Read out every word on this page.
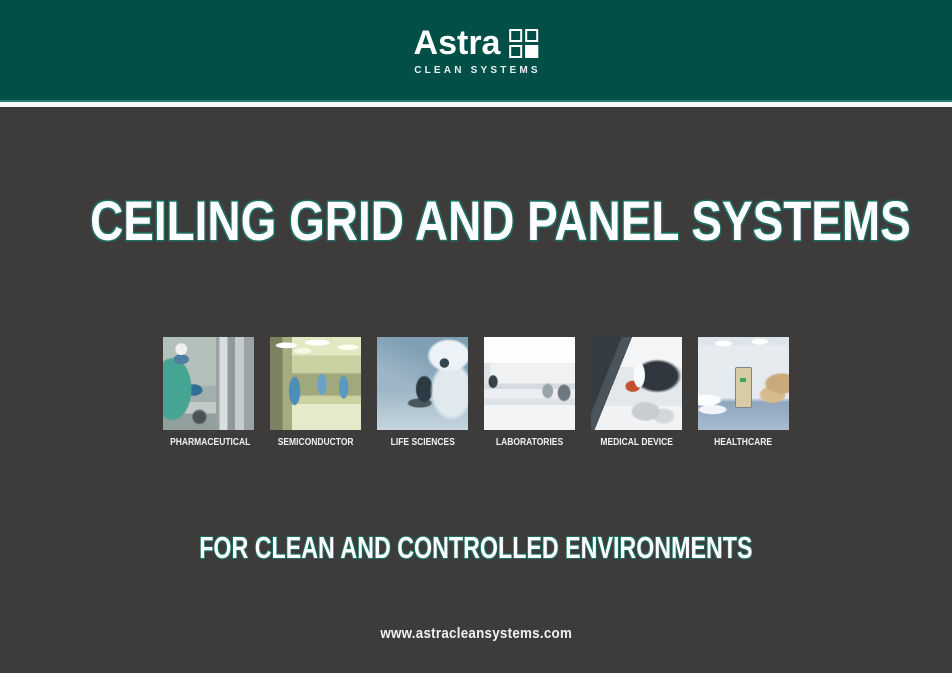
Astra
CLEAN SYSTEMS
CEILING GRID AND PANEL SYSTEMS
PHARMACEUTICAL	SEMICONDUCTOR	LIFE SCIENCES	LABORATORIES	MEDICAL DEVICE	HEALTHCARE
FOR CLEAN AND CONTROLLED ENVIRONMENTS
www.astracleansystems.com
